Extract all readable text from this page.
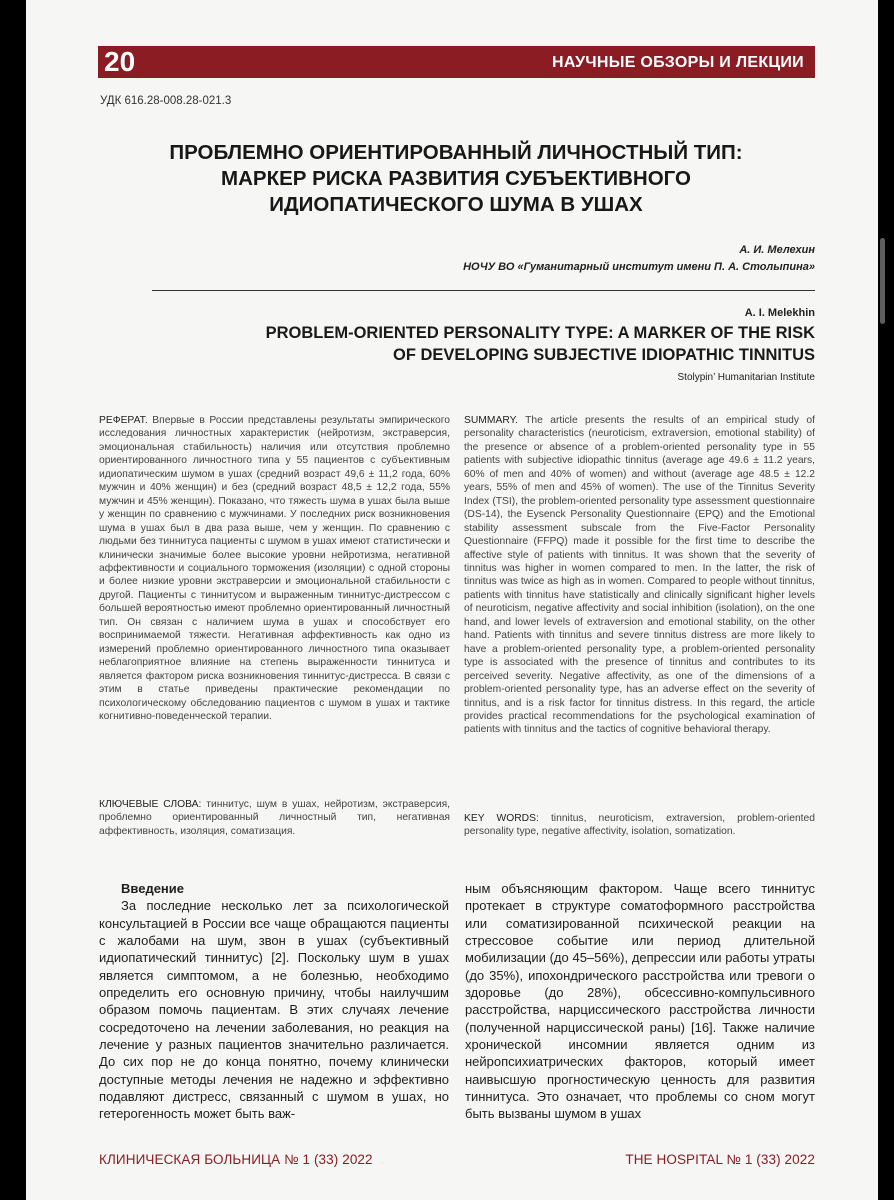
20	НАУЧНЫЕ ОБЗОРЫ И ЛЕКЦИИ
УДК 616.28-008.28-021.3
ПРОБЛЕМНО ОРИЕНТИРОВАННЫЙ ЛИЧНОСТНЫЙ ТИП: МАРКЕР РИСКА РАЗВИТИЯ СУБЪЕКТИВНОГО ИДИОПАТИЧЕСКОГО ШУМА В УШАХ
А. И. Мелехин
НОЧУ ВО «Гуманитарный институт имени П. А. Столыпина»
A. I. Melekhin
PROBLEM-ORIENTED PERSONALITY TYPE: A MARKER OF THE RISK OF DEVELOPING SUBJECTIVE IDIOPATHIC TINNITUS
Stolypin’ Humanitarian Institute
РЕФЕРАТ. Впервые в России представлены результаты эмпирического исследования личностных характеристик (нейротизм, экстраверсия, эмоциональная стабильность) наличия или отсутствия проблемно ориентированного личностного типа у 55 пациентов с субъективным идиопатическим шумом в ушах (средний возраст 49,6 ± 11,2 года, 60% мужчин и 40% женщин) и без (средний возраст 48,5 ± 12,2 года, 55% мужчин и 45% женщин). Показано, что тяжесть шума в ушах была выше у женщин по сравнению с мужчинами. У последних риск возникновения шума в ушах был в два раза выше, чем у женщин. По сравнению с людьми без тиннитуса пациенты с шумом в ушах имеют статистически и клинически значимые более высокие уровни нейротизма, негативной аффективности и социального торможения (изоляции) с одной стороны и более низкие уровни экстраверсии и эмоциональной стабильности с другой. Пациенты с тиннитусом и выраженным тиннитус-дистрессом с большей вероятностью имеют проблемно ориентированный личностный тип. Он связан с наличием шума в ушах и способствует его воспринимаемой тяжести. Негативная аффективность как одно из измерений проблемно ориентированного личностного типа оказывает неблагоприятное влияние на степень выраженности тиннитуса и является фактором риска возникновения тиннитус-дистресса. В связи с этим в статье приведены практические рекомендации по психологическому обследованию пациентов с шумом в ушах и тактике когнитивно-поведенческой терапии.
КЛЮЧЕВЫЕ СЛОВА: тиннитус, шум в ушах, нейротизм, экстраверсия, проблемно ориентированный личностный тип, негативная аффективность, изоляция, соматизация.
SUMMARY. The article presents the results of an empirical study of personality characteristics (neuroticism, extraversion, emotional stability) of the presence or absence of a problem-oriented personality type in 55 patients with subjective idiopathic tinnitus (average age 49.6 ± 11.2 years, 60% of men and 40% of women) and without (average age 48.5 ± 12.2 years, 55% of men and 45% of women). The use of the Tinnitus Severity Index (TSI), the problem-oriented personality type assessment questionnaire (DS-14), the Eysenck Personality Questionnaire (EPQ) and the Emotional stability assessment subscale from the Five-Factor Personality Questionnaire (FFPQ) made it possible for the first time to describe the affective style of patients with tinnitus. It was shown that the severity of tinnitus was higher in women compared to men. In the latter, the risk of tinnitus was twice as high as in women. Compared to people without tinnitus, patients with tinnitus have statistically and clinically significant higher levels of neuroticism, negative affectivity and social inhibition (isolation), on the one hand, and lower levels of extraversion and emotional stability, on the other hand. Patients with tinnitus and severe tinnitus distress are more likely to have a problem-oriented personality type, a problem-oriented personality type is associated with the presence of tinnitus and contributes to its perceived severity. Negative affectivity, as one of the dimensions of a problem-oriented personality type, has an adverse effect on the severity of tinnitus, and is a risk factor for tinnitus distress. In this regard, the article provides practical recommendations for the psychological examination of patients with tinnitus and the tactics of cognitive behavioral therapy.
KEY WORDS: tinnitus, neuroticism, extraversion, problem-oriented personality type, negative affectivity, isolation, somatization.
Введение

За последние несколько лет за психологической консультацией в России все чаще обращаются пациенты с жалобами на шум, звон в ушах (субъективный идиопатический тиннитус) [2]. Поскольку шум в ушах является симптомом, а не болезнью, необходимо определить его основную причину, чтобы наилучшим образом помочь пациентам. В этих случаях лечение сосредоточено на лечении заболевания, но реакция на лечение у разных пациентов значительно различается. До сих пор не до конца понятно, почему клинически доступные методы лечения не надежно и эффективно подавляют дистресс, связанный с шумом в ушах, но гетерогенность может быть важ-

ным объясняющим фактором. Чаще всего тиннитус протекает в структуре соматоформного расстройства или соматизированной психической реакции на стрессовое событие или период длительной мобилизации (до 45–56%), депрессии или работы утраты (до 35%), ипохондрического расстройства или тревоги о здоровье (до 28%), обсессивно-компульсивного расстройства, нарциссического расстройства личности (полученной нарциссической раны) [16]. Также наличие хронической инсомнии является одним из нейропсихиатрических факторов, который имеет наивысшую прогностическую ценность для развития тиннитуса. Это означает, что проблемы со сном могут быть вызваны шумом в ушах

КЛИНИЧЕСКАЯ БОЛЬНИЦА № 1 (33) 2022	THE HOSPITAL № 1 (33) 2022
